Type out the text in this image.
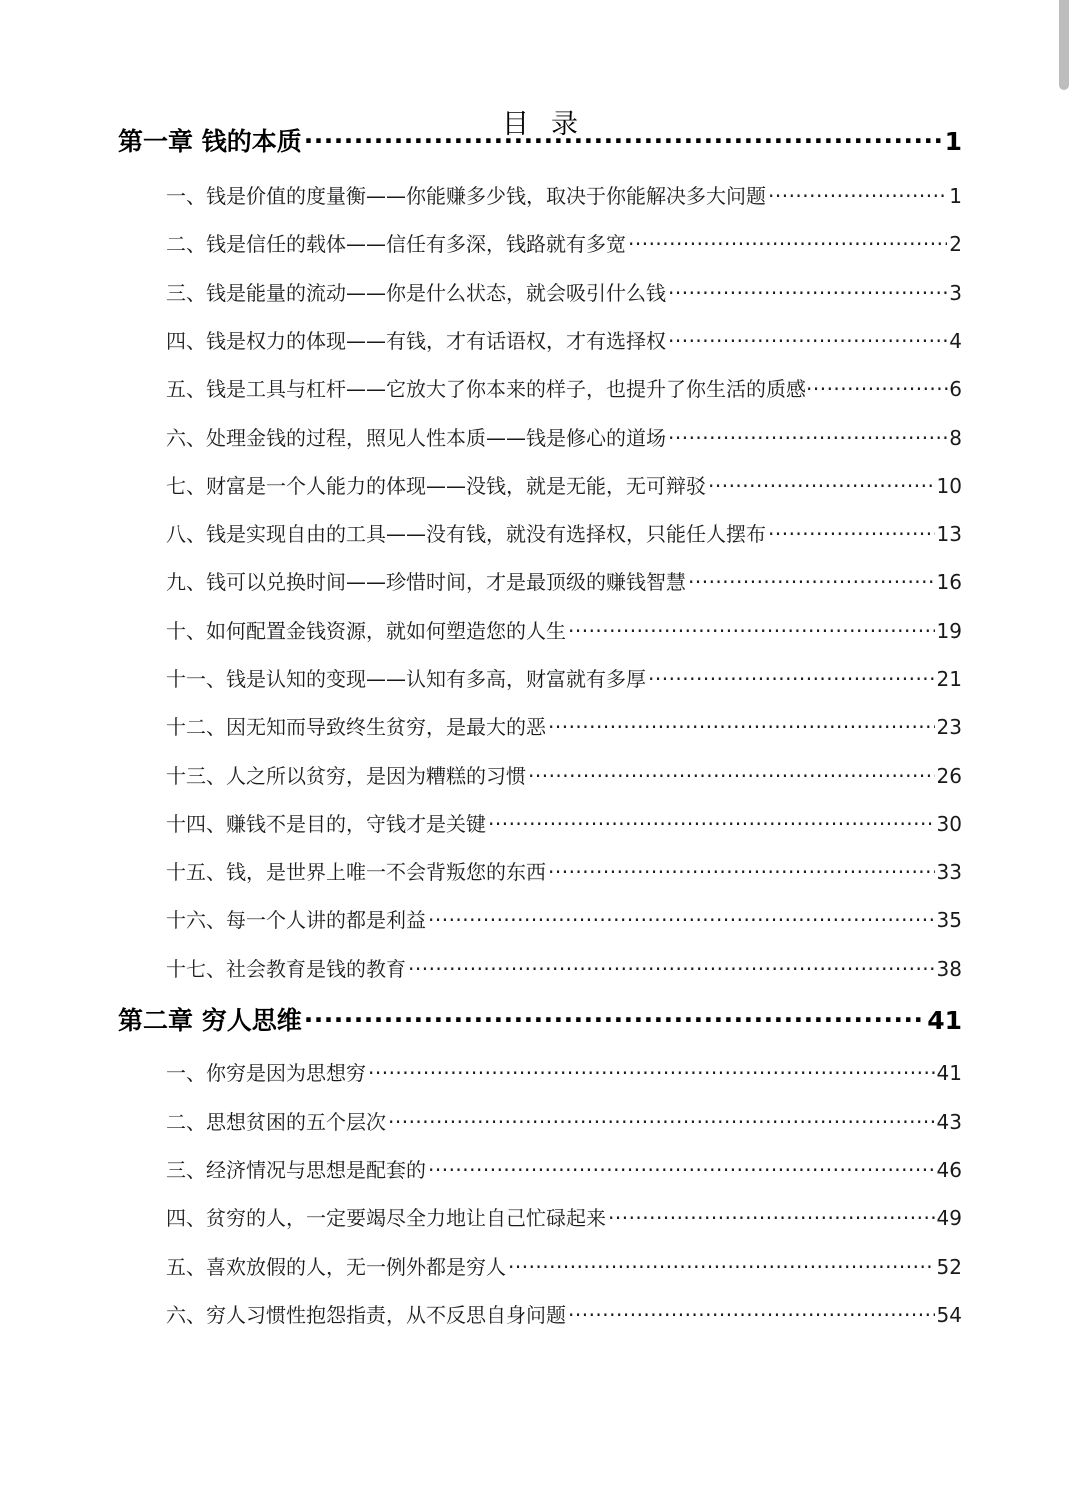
目录
第一章 钱的本质 .....	1
一、钱是价值的度量衡——你能赚多少钱，取决于你能解决多大问题 .....	1
二、钱是信任的载体——信任有多深，钱路就有多宽 .....	2
三、钱是能量的流动——你是什么状态，就会吸引什么钱 .....	3
四、钱是权力的体现——有钱，才有话语权，才有选择权 .....	4
五、钱是工具与杠杆——它放大了你本来的样子，也提升了你生活的质感 .....	6
六、处理金钱的过程，照见人性本质——钱是修心的道场 .....	8
七、财富是一个人能力的体现——没钱，就是无能，无可辩驳 .....	10
八、钱是实现自由的工具——没有钱，就没有选择权，只能任人摆布 .....	13
九、钱可以兑换时间——珍惜时间，才是最顶级的赚钱智慧 .....	16
十、如何配置金钱资源，就如何塑造您的人生 .....	19
十一、钱是认知的变现——认知有多高，财富就有多厚 .....	21
十二、因无知而导致终生贫穷，是最大的恶 .....	23
十三、人之所以贫穷，是因为糟糕的习惯 .....	26
十四、赚钱不是目的，守钱才是关键 .....	30
十五、钱，是世界上唯一不会背叛您的东西 .....	33
十六、每一个人讲的都是利益 .....	35
十七、社会教育是钱的教育 .....	38
第二章 穷人思维 .....	41
一、你穷是因为思想穷 .....	41
二、思想贫困的五个层次 .....	43
三、经济情况与思想是配套的 .....	46
四、贫穷的人，一定要竭尽全力地让自己忙碌起来 .....	49
五、喜欢放假的人，无一例外都是穷人 .....	52
六、穷人习惯性抱怨指责，从不反思自身问题 .....	54
